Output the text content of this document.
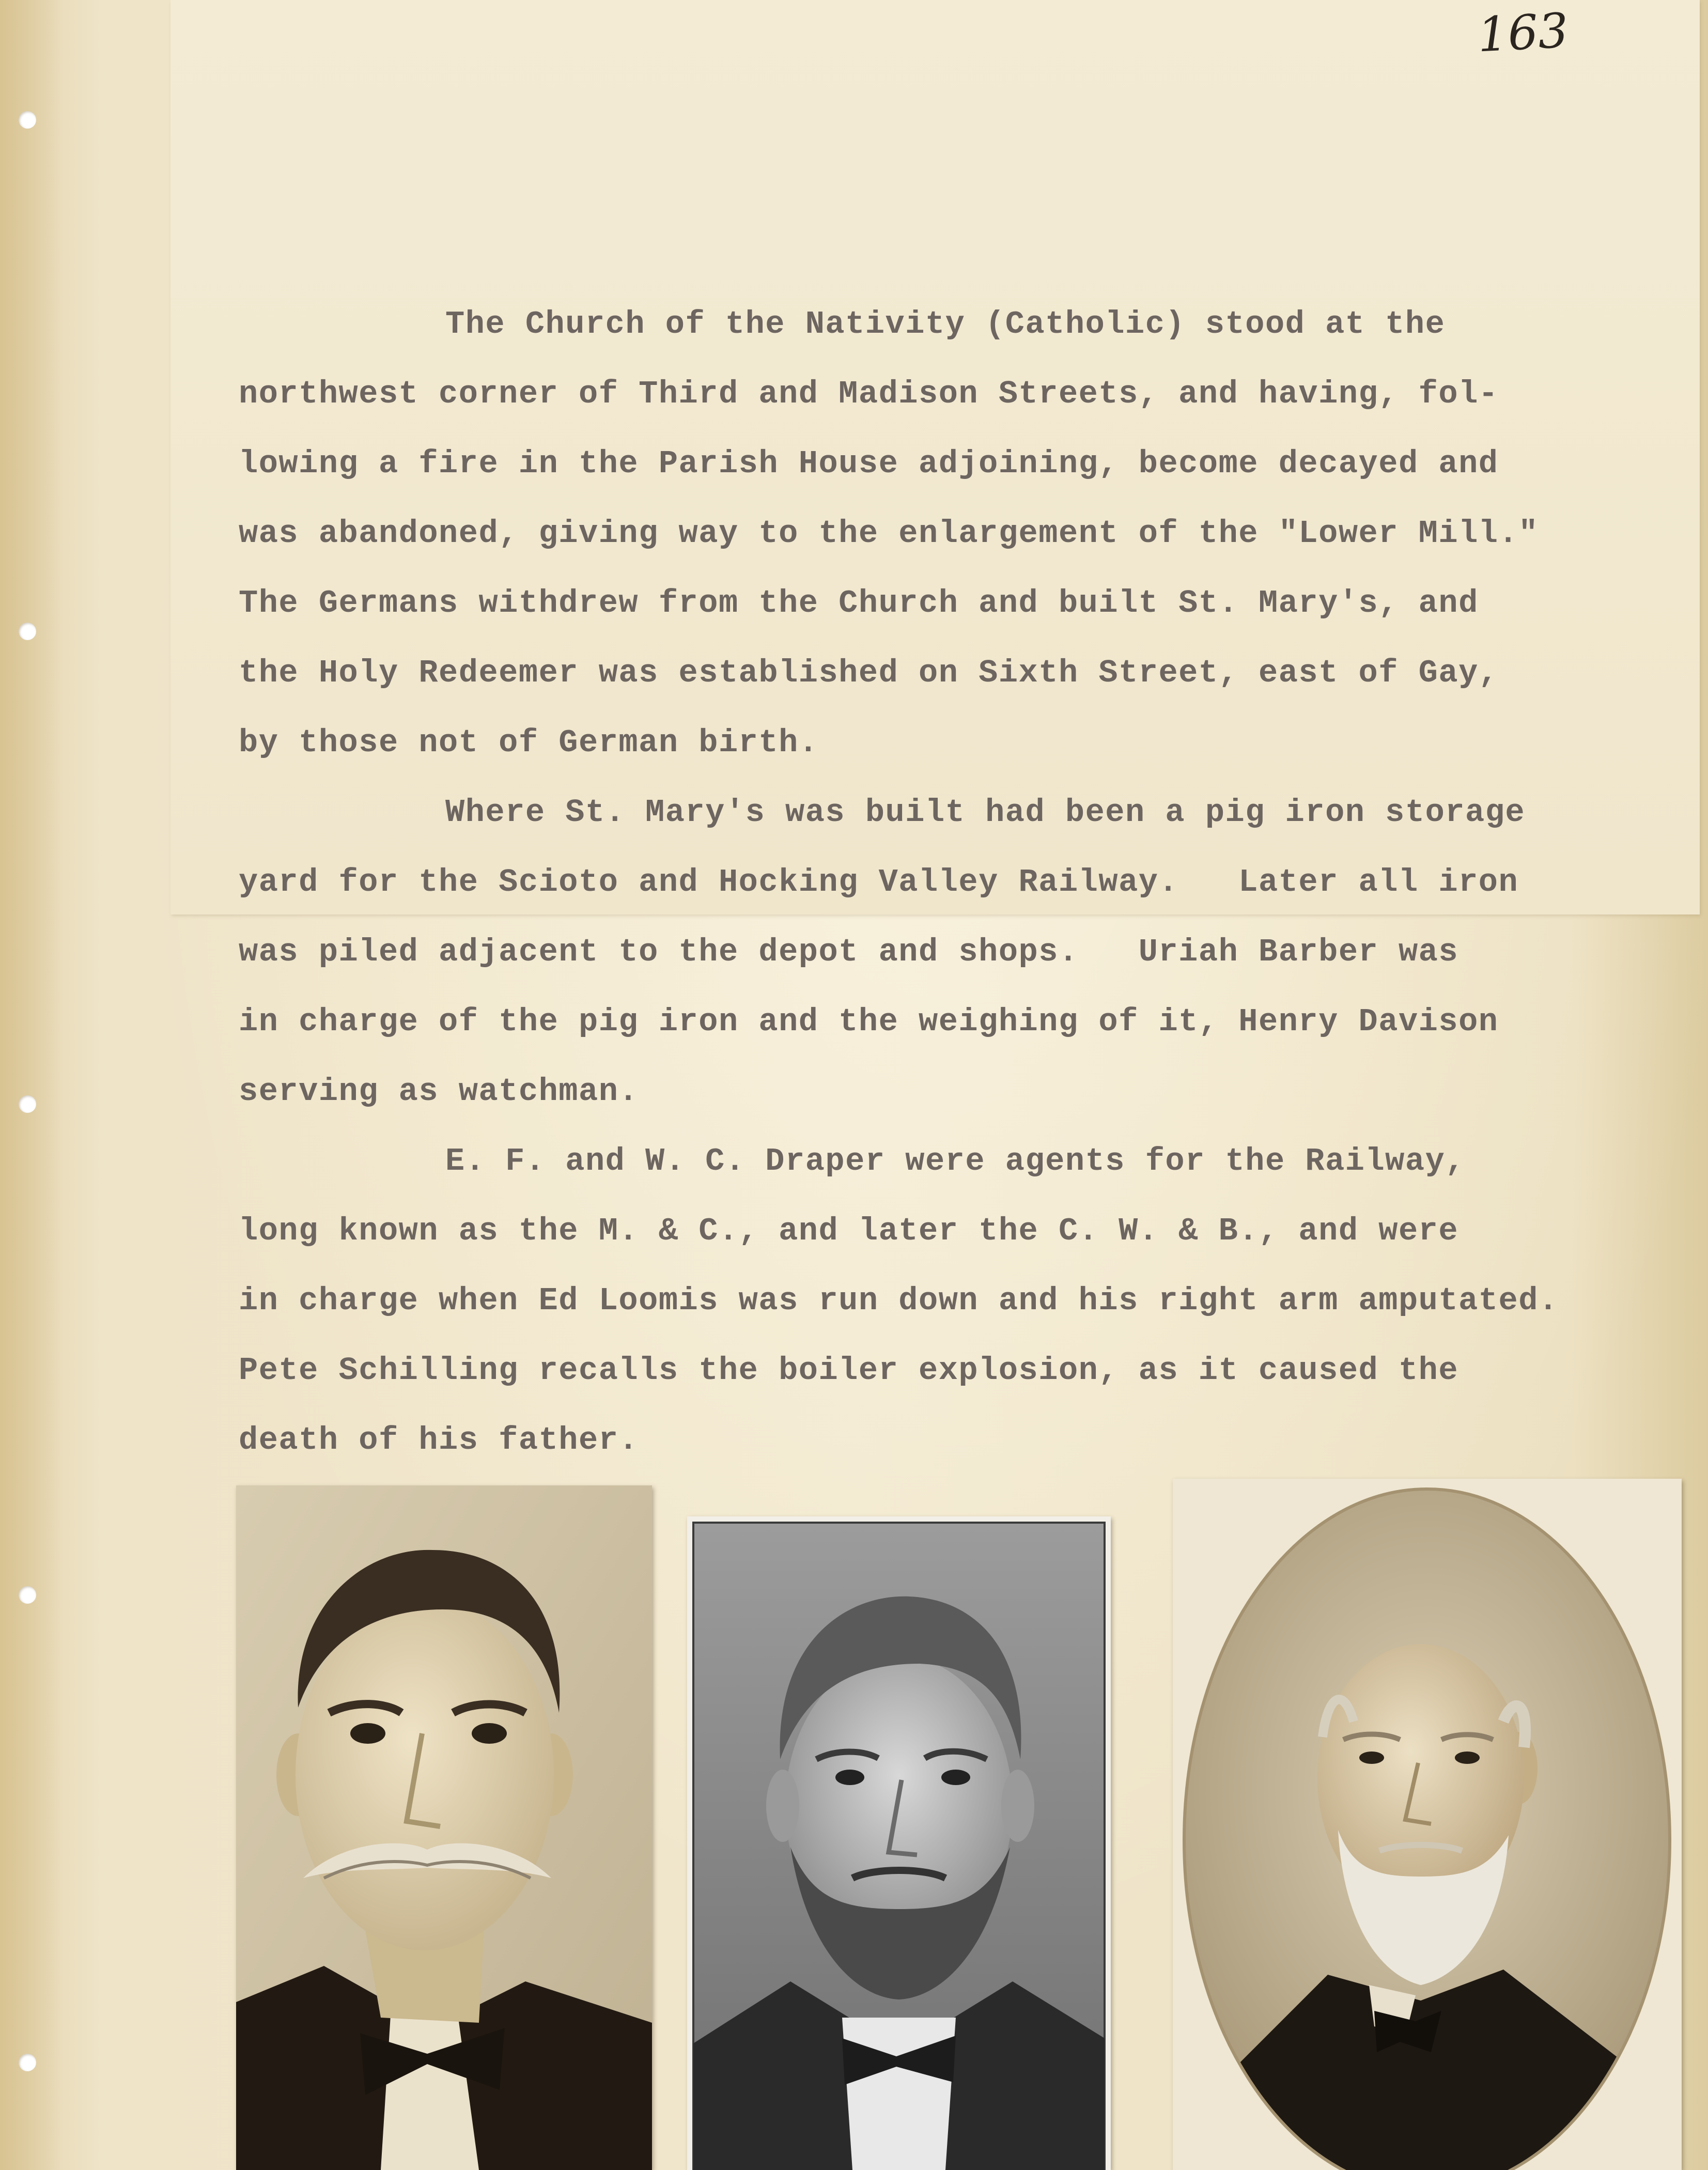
163
The Church of the Nativity (Catholic) stood at the
northwest corner of Third and Madison Streets, and having, fol-
lowing a fire in the Parish House adjoining, become decayed and
was abandoned, giving way to the enlargement of the "Lower Mill."
The Germans withdrew from the Church and built St. Mary's, and
the Holy Redeemer was established on Sixth Street, east of Gay,
by those not of German birth.
Where St. Mary's was built had been a pig iron storage
yard for the Scioto and Hocking Valley Railway.   Later all iron
was piled adjacent to the depot and shops.   Uriah Barber was
in charge of the pig iron and the weighing of it, Henry Davison
serving as watchman.
E. F. and W. C. Draper were agents for the Railway,
long known as the M. & C., and later the C. W. & B., and were
in charge when Ed Loomis was run down and his right arm amputated.
Pete Schilling recalls the boiler explosion, as it caused the
death of his father.
